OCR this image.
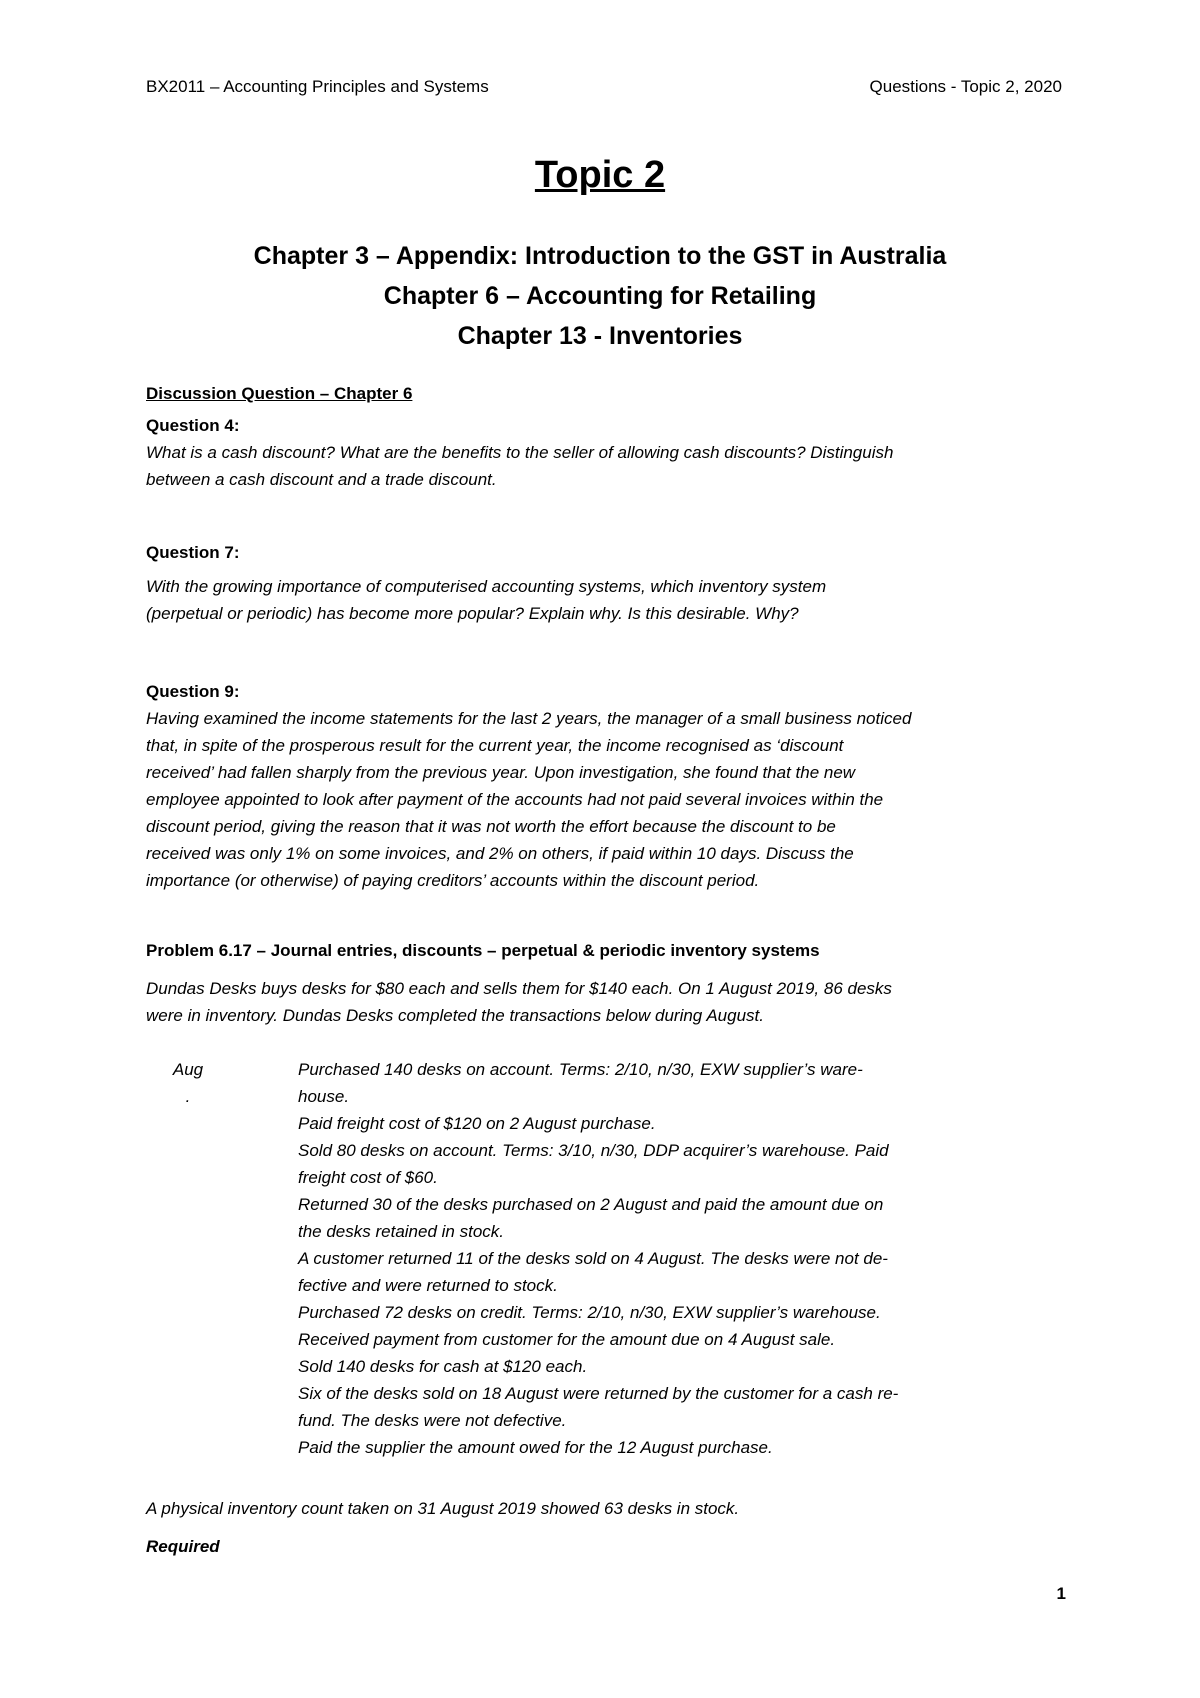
BX2011 – Accounting Principles and Systems	Questions - Topic 2, 2020
Topic 2
Chapter 3 – Appendix: Introduction to the GST in Australia
Chapter 6 – Accounting for Retailing
Chapter 13 - Inventories
Discussion Question – Chapter 6
Question 4:
What is a cash discount? What are the benefits to the seller of allowing cash discounts? Distinguish
between a cash discount and a trade discount.
Question 7:
With the growing importance of computerised accounting systems, which inventory system
(perpetual or periodic) has become more popular? Explain why. Is this desirable. Why?
Question 9:
Having examined the income statements for the last 2 years, the manager of a small business noticed
that, in spite of the prosperous result for the current year, the income recognised as ‘discount
received’ had fallen sharply from the previous year. Upon investigation, she found that the new
employee appointed to look after payment of the accounts had not paid several invoices within the
discount period, giving the reason that it was not worth the effort because the discount to be
received was only 1% on some invoices, and 2% on others, if paid within 10 days. Discuss the
importance (or otherwise) of paying creditors’ accounts within the discount period.
Problem 6.17 – Journal entries, discounts – perpetual & periodic inventory systems
Dundas Desks buys desks for $80 each and sells them for $140 each. On 1 August 2019, 86 desks
were in inventory. Dundas Desks completed the transactions below during August.
Aug
.
Purchased 140 desks on account. Terms: 2/10, n/30, EXW supplier’s ware-
house.
Paid freight cost of $120 on 2 August purchase.
Sold 80 desks on account. Terms: 3/10, n/30, DDP acquirer’s warehouse. Paid
freight cost of $60.
Returned 30 of the desks purchased on 2 August and paid the amount due on
the desks retained in stock.
A customer returned 11 of the desks sold on 4 August. The desks were not de-
fective and were returned to stock.
Purchased 72 desks on credit. Terms: 2/10, n/30, EXW supplier’s warehouse.
Received payment from customer for the amount due on 4 August sale.
Sold 140 desks for cash at $120 each.
Six of the desks sold on 18 August were returned by the customer for a cash re-
fund. The desks were not defective.
Paid the supplier the amount owed for the 12 August purchase.
A physical inventory count taken on 31 August 2019 showed 63 desks in stock.
Required
1
